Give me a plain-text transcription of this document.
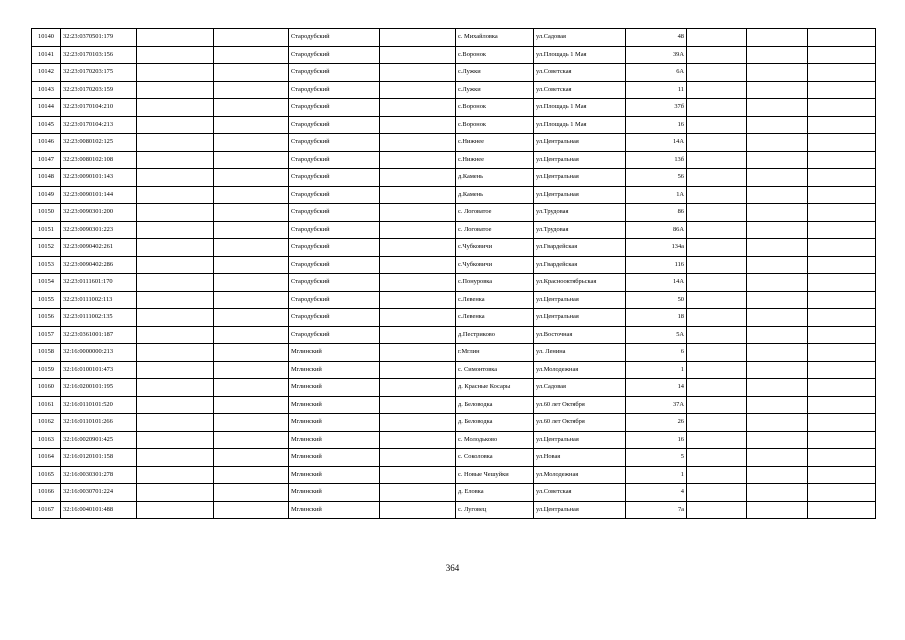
10140	32:23:0370501:179			Стародубский		с. Михайловка	ул.Садовая	48			
10141	32:23:0170103:156			Стародубский		с.Воронок	ул.Площадь 1 Мая	39А			
10142	32:23:0170203:175			Стародубский		с.Лужки	ул.Советская	6А			
10143	32:23:0170203:159			Стародубский		с.Лужки	ул.Советская	11			
10144	32:23:0170104:210			Стародубский		с.Воронок	ул.Площадь 1 Мая	37б			
10145	32:23:0170104:213			Стародубский		с.Воронок	ул.Площадь 1 Мая	16			
10146	32:23:0080102:125			Стародубский		с.Нижнее	ул.Центральная	14А			
10147	32:23:0080102:108			Стародубский		с.Нижнее	ул.Центральная	13б			
10148	32:23:0090101:143			Стародубский		д.Камень	ул.Центральная	56			
10149	32:23:0090101:144			Стародубский		д.Камень	ул.Центральная	1А			
10150	32:23:0090301:200			Стародубский		с. Логоватое	ул.Трудовая	86			
10151	32:23:0090301:223			Стародубский		с. Логоватое	ул.Трудовая	86А			
10152	32:23:0090402:261			Стародубский		с.Чубковичи	ул.Гвардейская	134а			
10153	32:23:0090402:286			Стародубский		с.Чубковичи	ул.Гвардейская	116			
10154	32:23:0111601:170			Стародубский		с.Понуровка	ул.Красноoктябрьская	14А			
10155	32:23:0111002:113			Стародубский		с.Левенка	ул.Центральная	50			
10156	32:23:0111002:135			Стародубский		с.Левенка	ул.Центральная	18			
10157	32:23:0361001:187			Стародубский		д.Пестриково	ул.Восточная	5А			
10158	32:16:0000000:213			Мглинский		г.Мглин	ул. Ленина	6			
10159	32:16:0100101:473			Мглинский		с. Симонтовка	ул.Молодежная	1			
10160	32:16:0200101:195			Мглинский		д. Красные Косары	ул.Садовая	14			
10161	32:16:0110101:520			Мглинский		д. Беловодка	ул.60 лет Октября	37А			
10162	32:16:0110101:266			Мглинский		д. Беловодка	ул.60 лет Октября	26			
10163	32:16:0020901:425			Мглинский		с. Молодьково	ул.Центральная	16			
10164	32:16:0120101:158			Мглинский		с. Соколовка	ул.Новая	5			
10165	32:16:0030301:278			Мглинский		с. Новые Чешуйки	ул.Молодежная	1			
10166	32:16:0030701:224			Мглинский		д. Еловка	ул.Советская	4			
10167	32:16:0040101:488			Мглинский		с. Луговец	ул.Центральная	7а			
364
